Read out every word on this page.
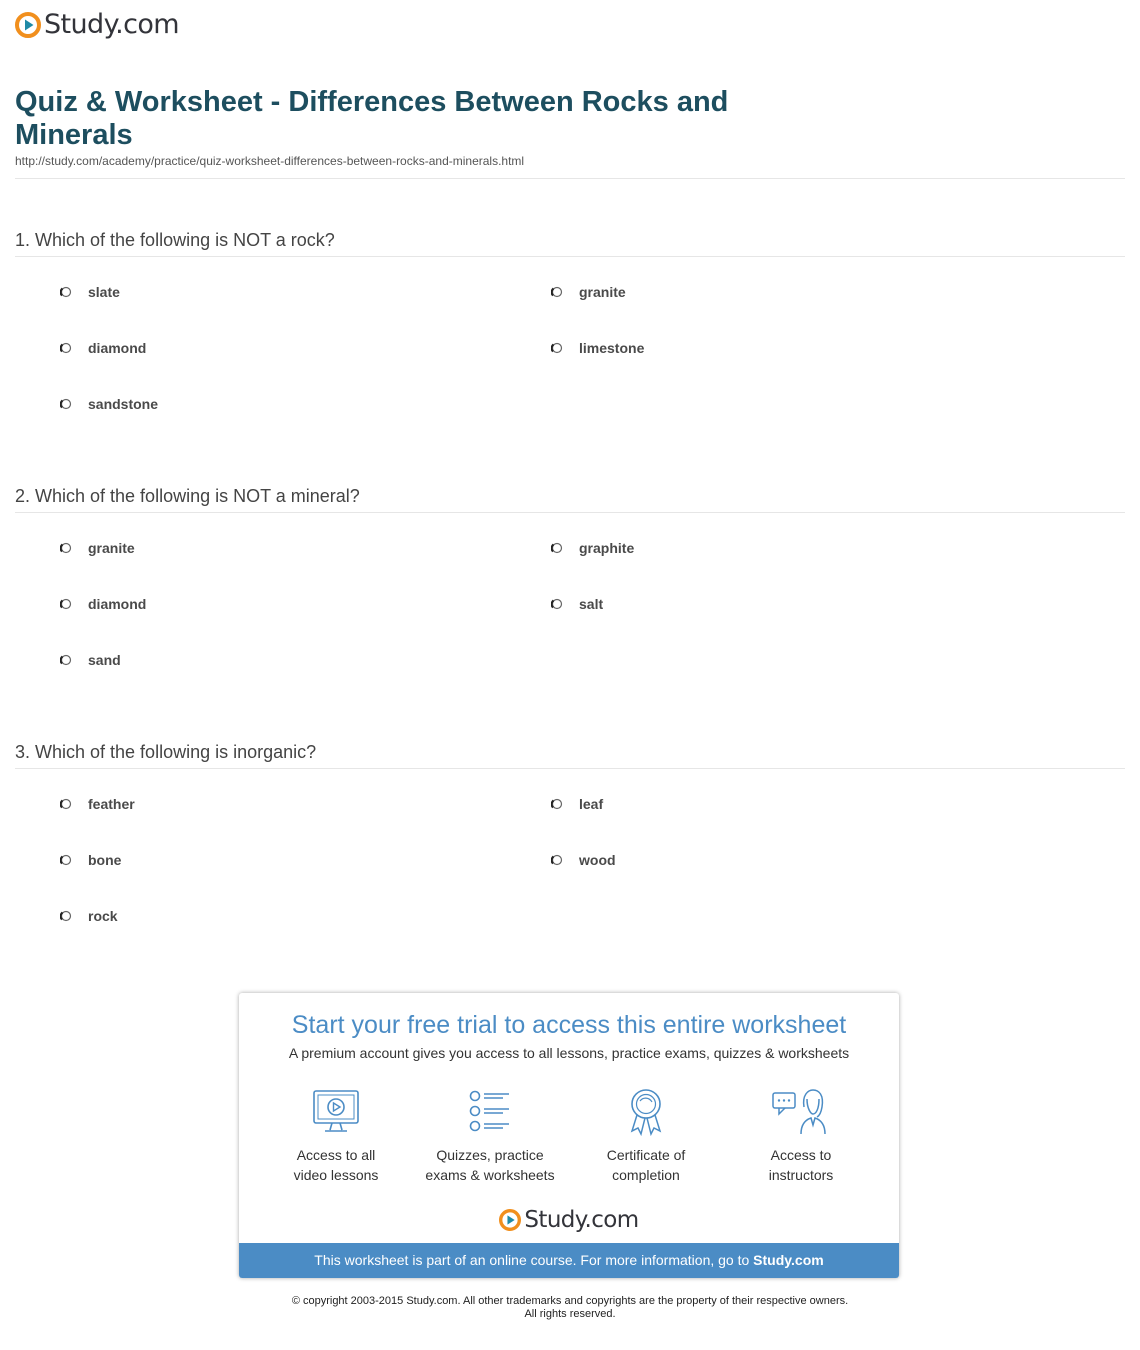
Study.com
Quiz & Worksheet - Differences Between Rocks and Minerals
http://study.com/academy/practice/quiz-worksheet-differences-between-rocks-and-minerals.html
1. Which of the following is NOT a rock?
slate	granite
diamond	limestone
sandstone
2. Which of the following is NOT a mineral?
granite	graphite
diamond	salt
sand
3. Which of the following is inorganic?
feather	leaf
bone	wood
rock
Start your free trial to access this entire worksheet
A premium account gives you access to all lessons, practice exams, quizzes & worksheets
Access to all
video lessons
Quizzes, practice
exams & worksheets
Certificate of
completion
Access to
instructors
Study.com
This worksheet is part of an online course. For more information, go to Study.com
© copyright 2003-2015 Study.com. All other trademarks and copyrights are the property of their respective owners.
All rights reserved.
